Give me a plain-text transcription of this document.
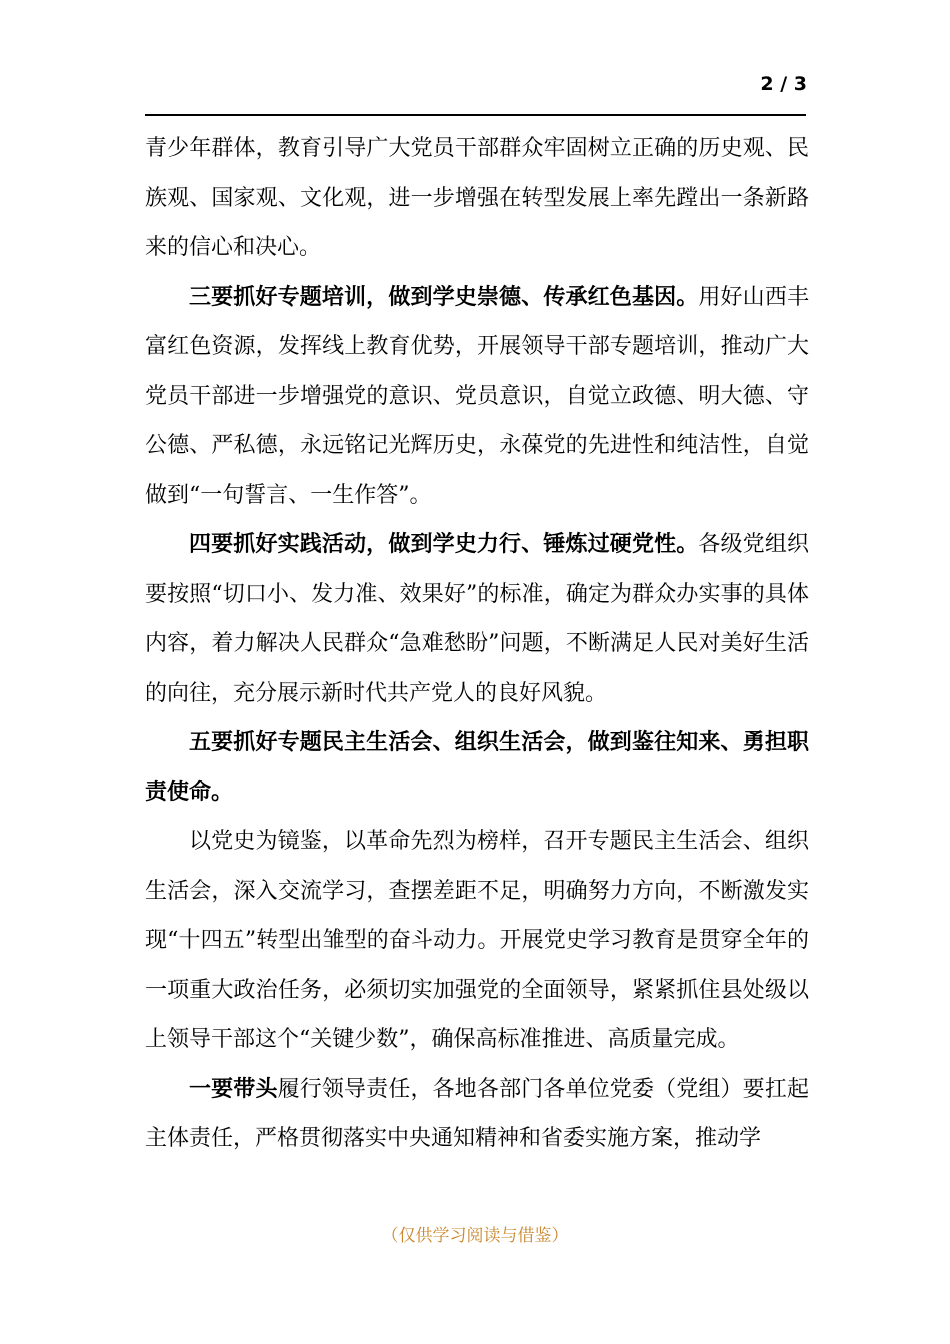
2 / 3

青少年群体，教育引导广大党员干部群众牢固树立正确的历史观、民族观、国家观、文化观，进一步增强在转型发展上率先蹚出一条新路来的信心和决心。

三要抓好专题培训，做到学史崇德、传承红色基因。用好山西丰富红色资源，发挥线上教育优势，开展领导干部专题培训，推动广大党员干部进一步增强党的意识、党员意识，自觉立政德、明大德、守公德、严私德，永远铭记光辉历史，永葆党的先进性和纯洁性，自觉做到“一句誓言、一生作答”。

四要抓好实践活动，做到学史力行、锤炼过硬党性。各级党组织要按照“切口小、发力准、效果好”的标准，确定为群众办实事的具体内容，着力解决人民群众“急难愁盼”问题，不断满足人民对美好生活的向往，充分展示新时代共产党人的良好风貌。

五要抓好专题民主生活会、组织生活会，做到鉴往知来、勇担职责使命。

以党史为镜鉴，以革命先烈为榜样，召开专题民主生活会、组织生活会，深入交流学习，查摆差距不足，明确努力方向，不断激发实现“十四五”转型出雏型的奋斗动力。开展党史学习教育是贯穿全年的一项重大政治任务，必须切实加强党的全面领导，紧紧抓住县处级以上领导干部这个“关键少数”，确保高标准推进、高质量完成。

一要带头履行领导责任，各地各部门各单位党委（党组）要扛起主体责任，严格贯彻落实中央通知精神和省委实施方案，推动学

（仅供学习阅读与借鉴）
